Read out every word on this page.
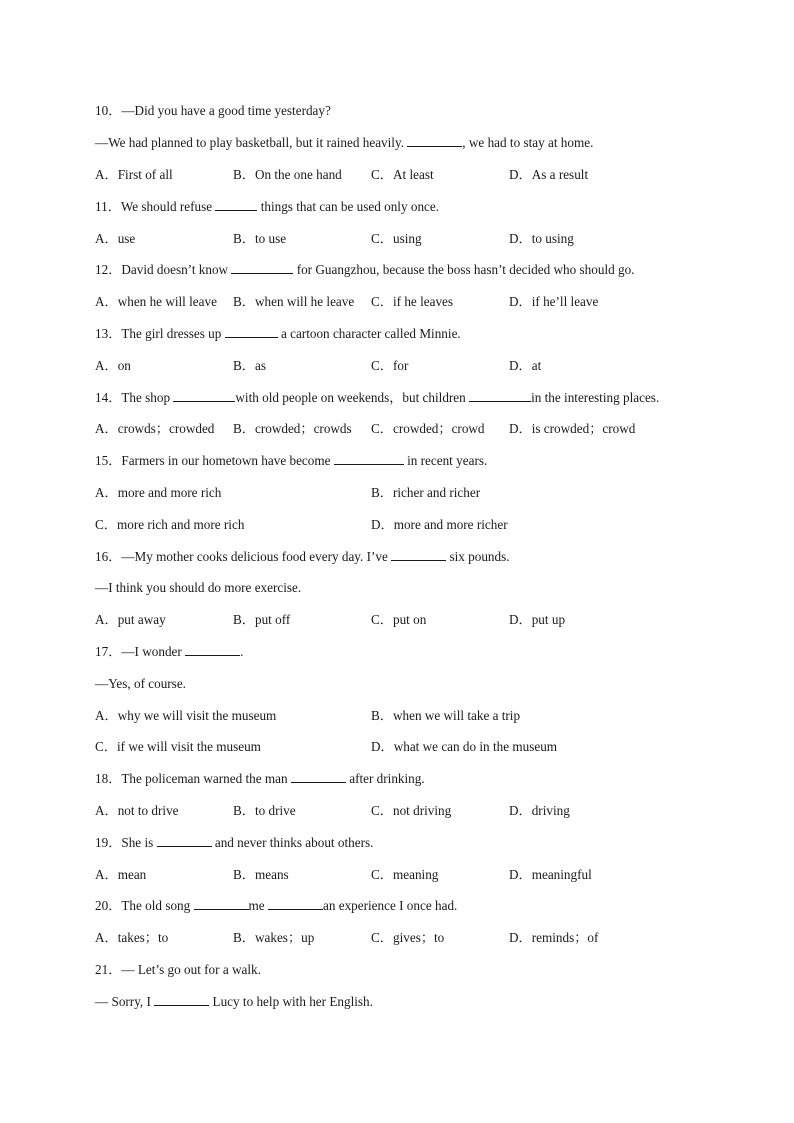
10．—Did you have a good time yesterday?
—We had planned to play basketball, but it rained heavily.	, we had to stay at home.
A．First of all	B．On the one hand C．At least	D．As a result
11．We should refuse	things that can be used only once.
A．use	B．to use	C．using	D．to using
12．David doesn’t know	for Guangzhou, because the boss hasn’t decided who should go.
A．when he will leave B．when will he leave C．if he leaves	D．if he’ll leave
13．The girl dresses up	a cartoon character called Minnie.
A．on	B．as	C．for	D．at
14．The shop	with old people on weekends，but children	in the interesting places.
A．crowds；crowded B．crowded；crowds C．crowded；crowd D．is crowded；crowd
15．Farmers in our hometown have become	in recent years.
A．more and more rich	B．richer and richer
C．more rich and more rich	D．more and more richer
16．—My mother cooks delicious food every day. I’ve	six pounds.
—I think you should do more exercise.
A．put away	B．put off	C．put on	D．put up
17．—I wonder	.
—Yes, of course.
A．why we will visit the museum	B．when we will take a trip
C．if we will visit the museum	D．what we can do in the museum
18．The policeman warned the man	after drinking.
A．not to drive	B．to drive	C．not driving	D．driving
19．She is	and never thinks about others.
A．mean	B．means	C．meaning	D．meaningful
20．The old song	me	an experience I once had.
A．takes；to	B．wakes；up	C．gives；to	D．reminds；of
21．— Let’s go out for a walk.
— Sorry, I	Lucy to help with her English.
